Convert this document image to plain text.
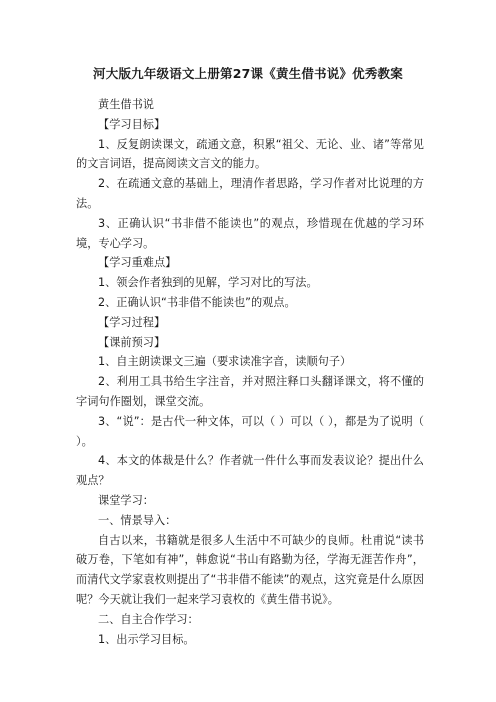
河大版九年级语文上册第27课《黄生借书说》优秀教案

黄生借书说

【学习目标】

1、反复朗读课文，疏通文意，积累“祖父、无论、业、诸”等常见的文言词语，提高阅读文言文的能力。

2、在疏通文意的基础上，理清作者思路，学习作者对比说理的方法。

3、正确认识“书非借不能读也”的观点，珍惜现在优越的学习环境，专心学习。

【学习重难点】

1、领会作者独到的见解，学习对比的写法。

2、正确认识“书非借不能读也”的观点。

【学习过程】

【课前预习】

1、自主朗读课文三遍（要求读准字音，读顺句子）

2、利用工具书给生字注音，并对照注释口头翻译课文，将不懂的字词句作圈划，课堂交流。

3、“说”：是古代一种文体，可以（ ）可以（ ），都是为了说明（ ）。

4、本文的体裁是什么？作者就一件什么事而发表议论？提出什么观点？

课堂学习：

一、情景导入：

自古以来，书籍就是很多人生活中不可缺少的良师。杜甫说“读书破万卷，下笔如有神”，韩愈说“书山有路勤为径，学海无涯苦作舟”，而清代文学家袁枚则提出了“书非借不能读”的观点，这究竟是什么原因呢？今天就让我们一起来学习袁枚的《黄生借书说》。

二、自主合作学习：

1、出示学习目标。
